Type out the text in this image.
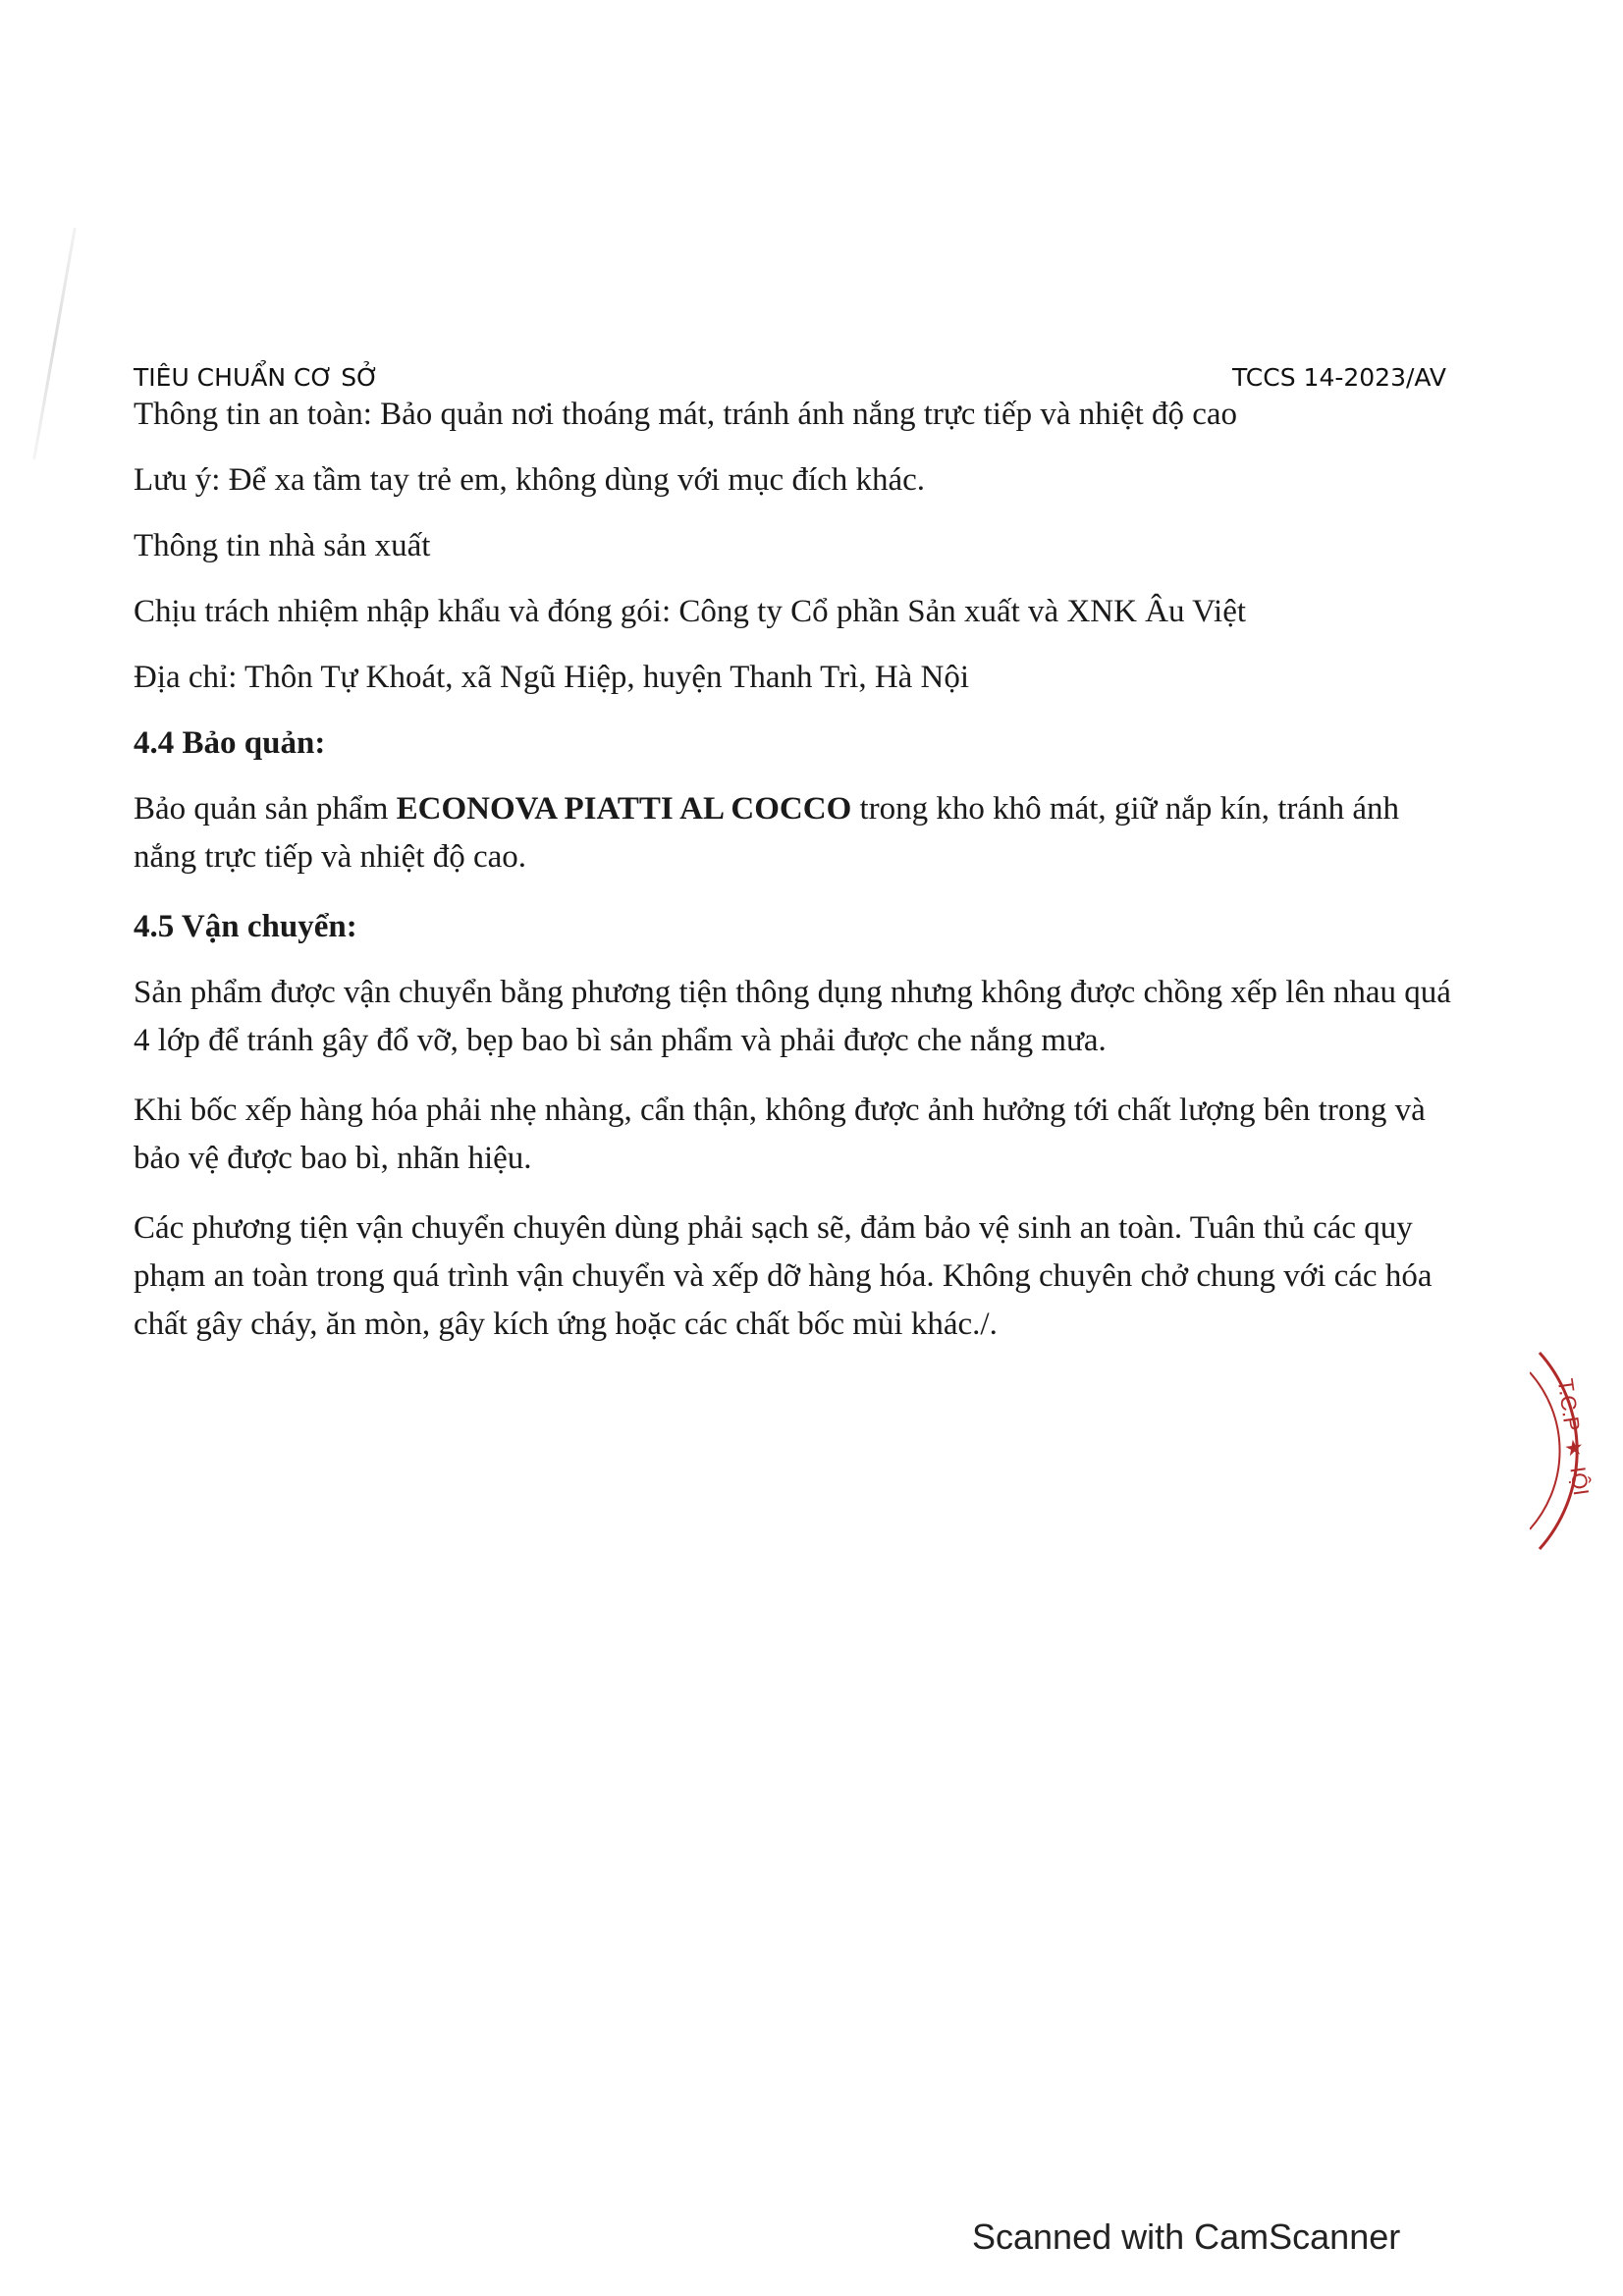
TIÊU CHUẨN CƠ SỞ	TCCS 14-2023/AV

Thông tin an toàn: Bảo quản nơi thoáng mát, tránh ánh nắng trực tiếp và nhiệt độ cao

Lưu ý: Để xa tầm tay trẻ em, không dùng với mục đích khác.

Thông tin nhà sản xuất

Chịu trách nhiệm nhập khẩu và đóng gói: Công ty Cổ phần Sản xuất và XNK Âu Việt

Địa chỉ: Thôn Tự Khoát, xã Ngũ Hiệp, huyện Thanh Trì, Hà Nội

4.4 Bảo quản:

Bảo quản sản phẩm ECONOVA PIATTI AL COCCO trong kho khô mát, giữ nắp kín, tránh ánh nắng trực tiếp và nhiệt độ cao.

4.5 Vận chuyển:

Sản phẩm được vận chuyển bằng phương tiện thông dụng nhưng không được chồng xếp lên nhau quá 4 lớp để tránh gây đổ vỡ, bẹp bao bì sản phẩm và phải được che nắng mưa.

Khi bốc xếp hàng hóa phải nhẹ nhàng, cẩn thận, không được ảnh hưởng tới chất lượng bên trong và bảo vệ được bao bì, nhãn hiệu.

Các phương tiện vận chuyển chuyên dùng phải sạch sẽ, đảm bảo vệ sinh an toàn. Tuân thủ các quy phạm an toàn trong quá trình vận chuyển và xếp dỡ hàng hóa. Không chuyên chở chung với các hóa chất gây cháy, ăn mòn, gây kích ứng hoặc các chất bốc mùi khác./.

T.C.P ★ IỘI
Scanned with CamScanner
